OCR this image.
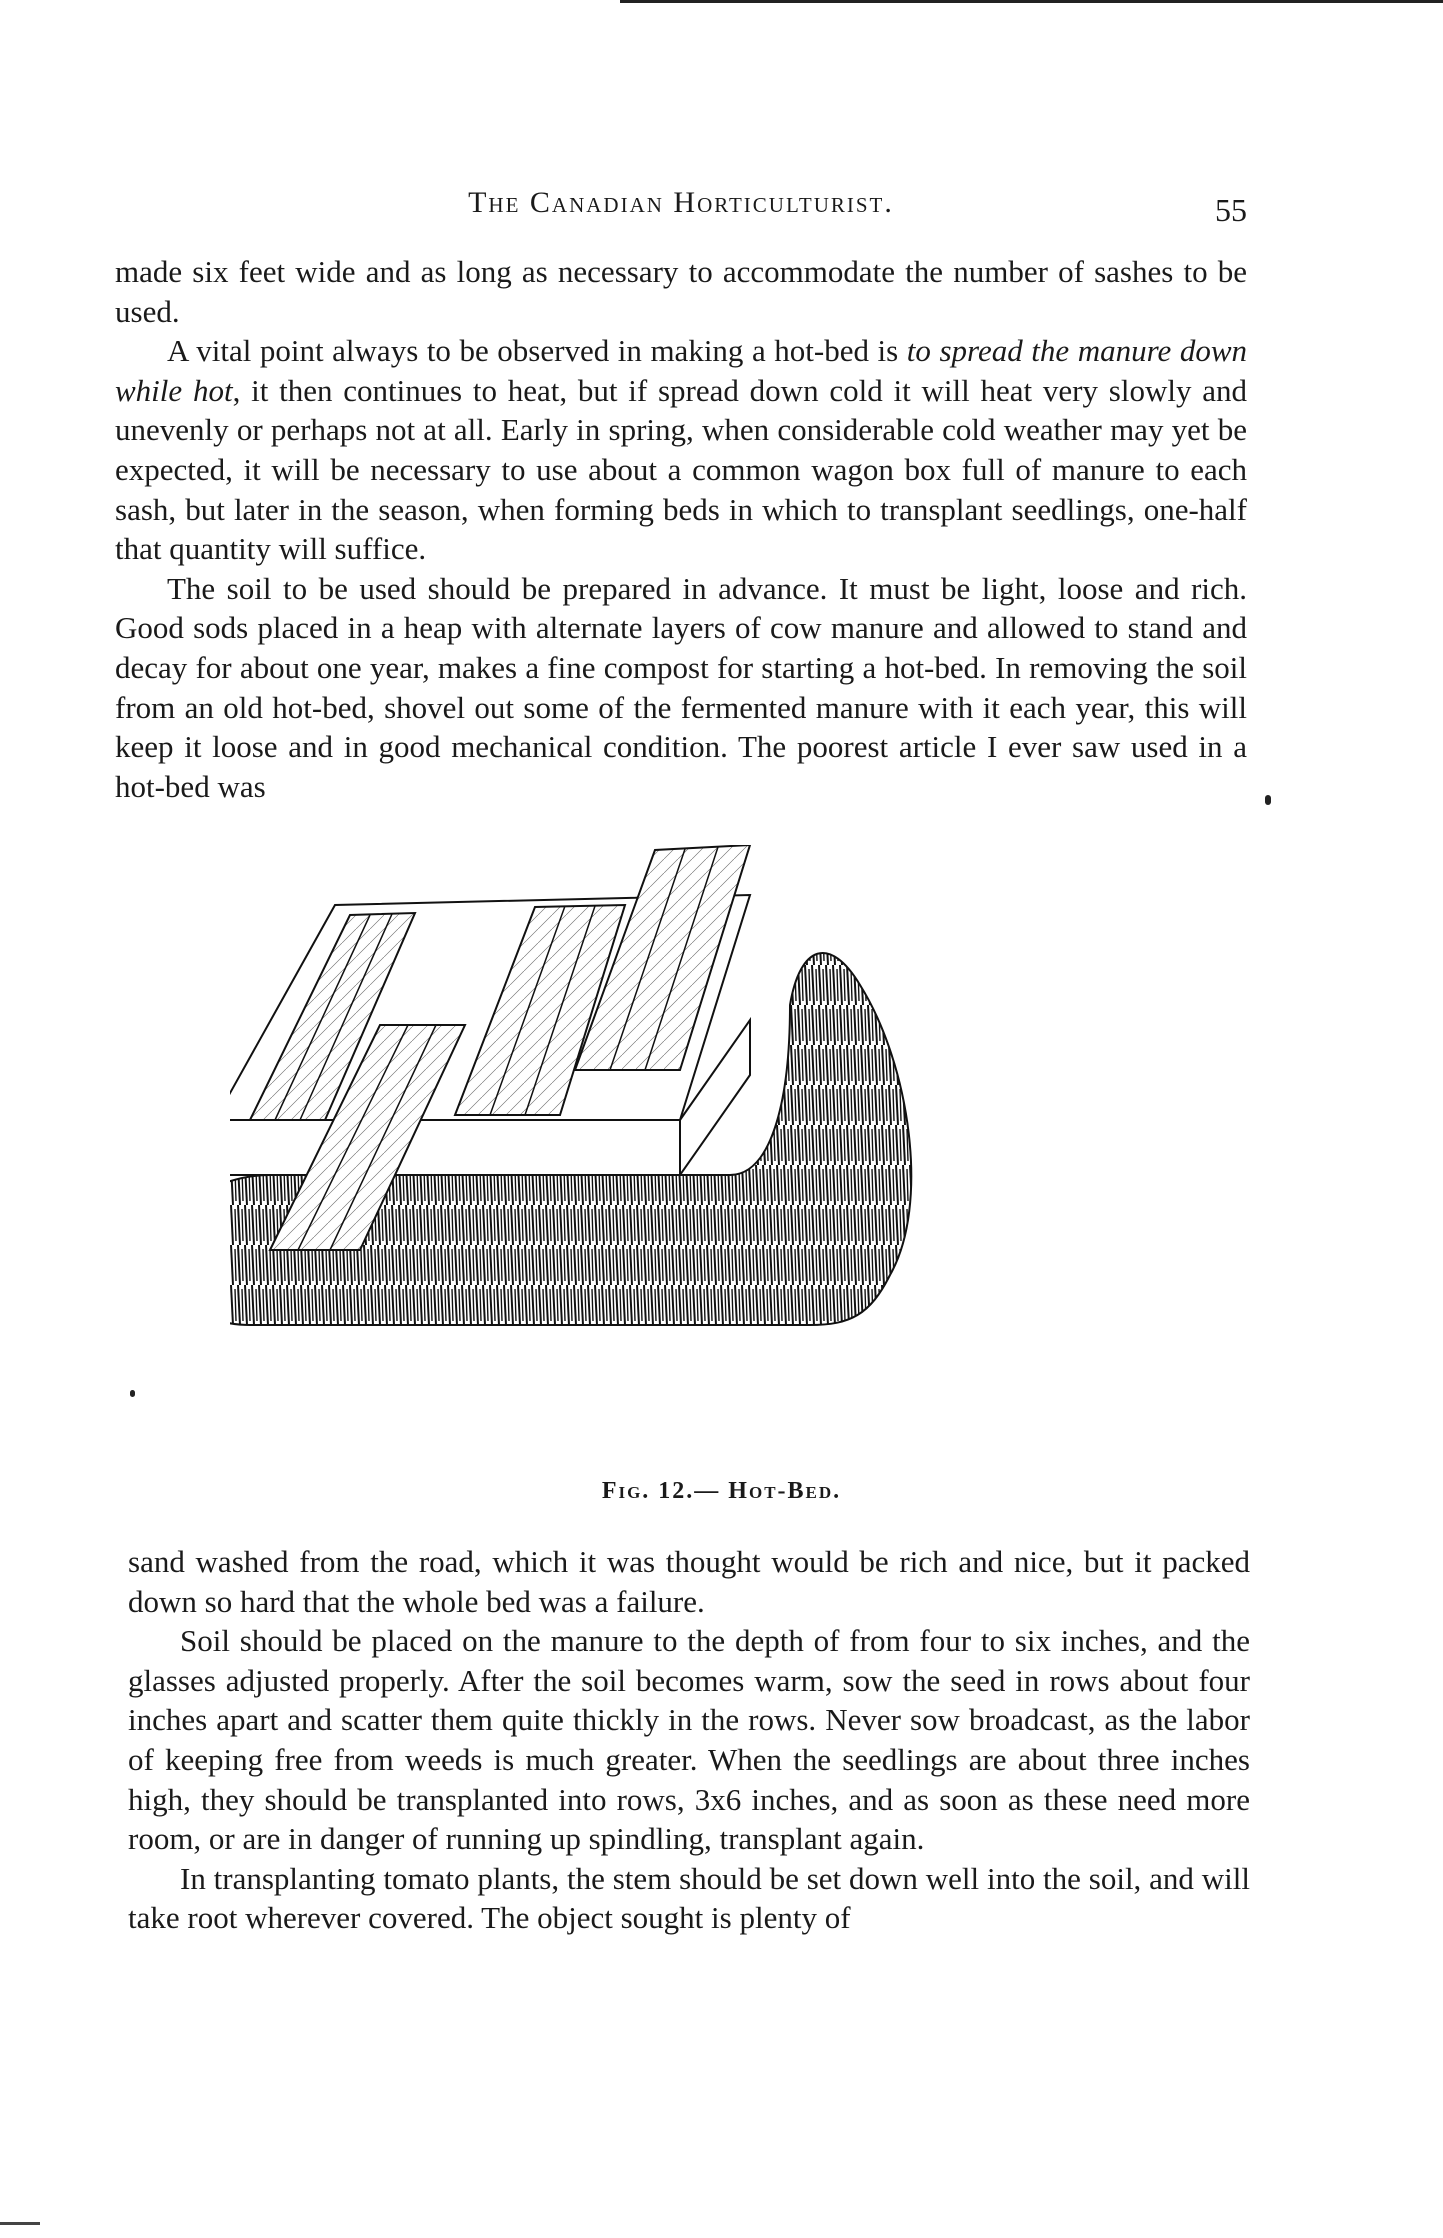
The Canadian Horticulturist.	55

made six feet wide and as long as necessary to accommodate the number of sashes to be used.

A vital point always to be observed in making a hot-bed is to spread the manure down while hot, it then continues to heat, but if spread down cold it will heat very slowly and unevenly or perhaps not at all. Early in spring, when considerable cold weather may yet be expected, it will be necessary to use about a common wagon box full of manure to each sash, but later in the season, when forming beds in which to transplant seedlings, one-half that quantity will suffice.

The soil to be used should be prepared in advance. It must be light, loose and rich. Good sods placed in a heap with alternate layers of cow manure and allowed to stand and decay for about one year, makes a fine compost for starting a hot-bed. In removing the soil from an old hot-bed, shovel out some of the fermented manure with it each year, this will keep it loose and in good mechanical condition. The poorest article I ever saw used in a hot-bed was

Fig. 12.— Hot-Bed.

sand washed from the road, which it was thought would be rich and nice, but it packed down so hard that the whole bed was a failure.

Soil should be placed on the manure to the depth of from four to six inches, and the glasses adjusted properly. After the soil becomes warm, sow the seed in rows about four inches apart and scatter them quite thickly in the rows. Never sow broadcast, as the labor of keeping free from weeds is much greater. When the seedlings are about three inches high, they should be transplanted into rows, 3x6 inches, and as soon as these need more room, or are in danger of running up spindling, transplant again.

In transplanting tomato plants, the stem should be set down well into the soil, and will take root wherever covered. The object sought is plenty of
